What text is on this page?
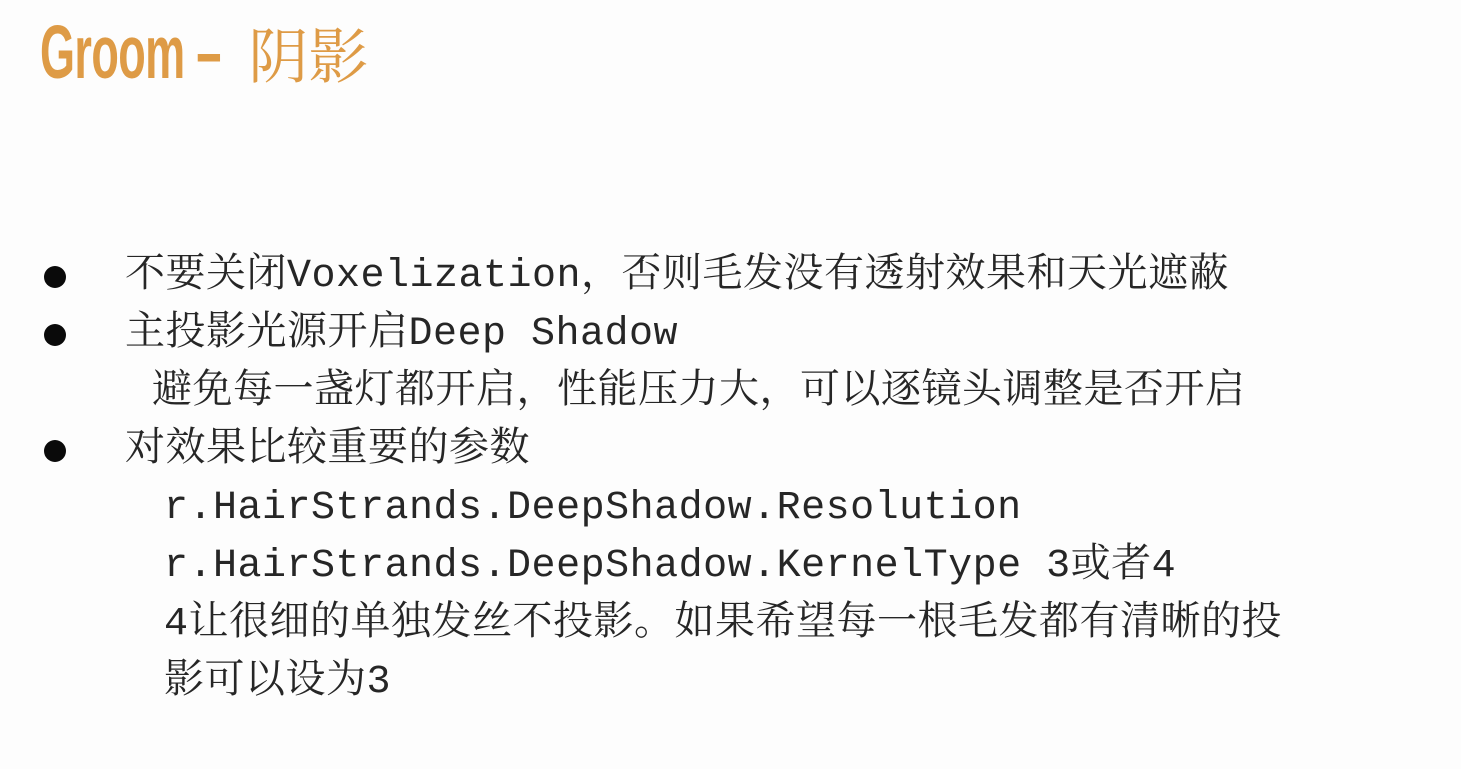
Groom – 阴影
不要关闭Voxelization，否则毛发没有透射效果和天光遮蔽
主投影光源开启Deep Shadow
避免每一盏灯都开启，性能压力大，可以逐镜头调整是否开启
对效果比较重要的参数
r.HairStrands.DeepShadow.Resolution
r.HairStrands.DeepShadow.KernelType 3或者4
4让很细的单独发丝不投影。如果希望每一根毛发都有清晰的投
影可以设为3
